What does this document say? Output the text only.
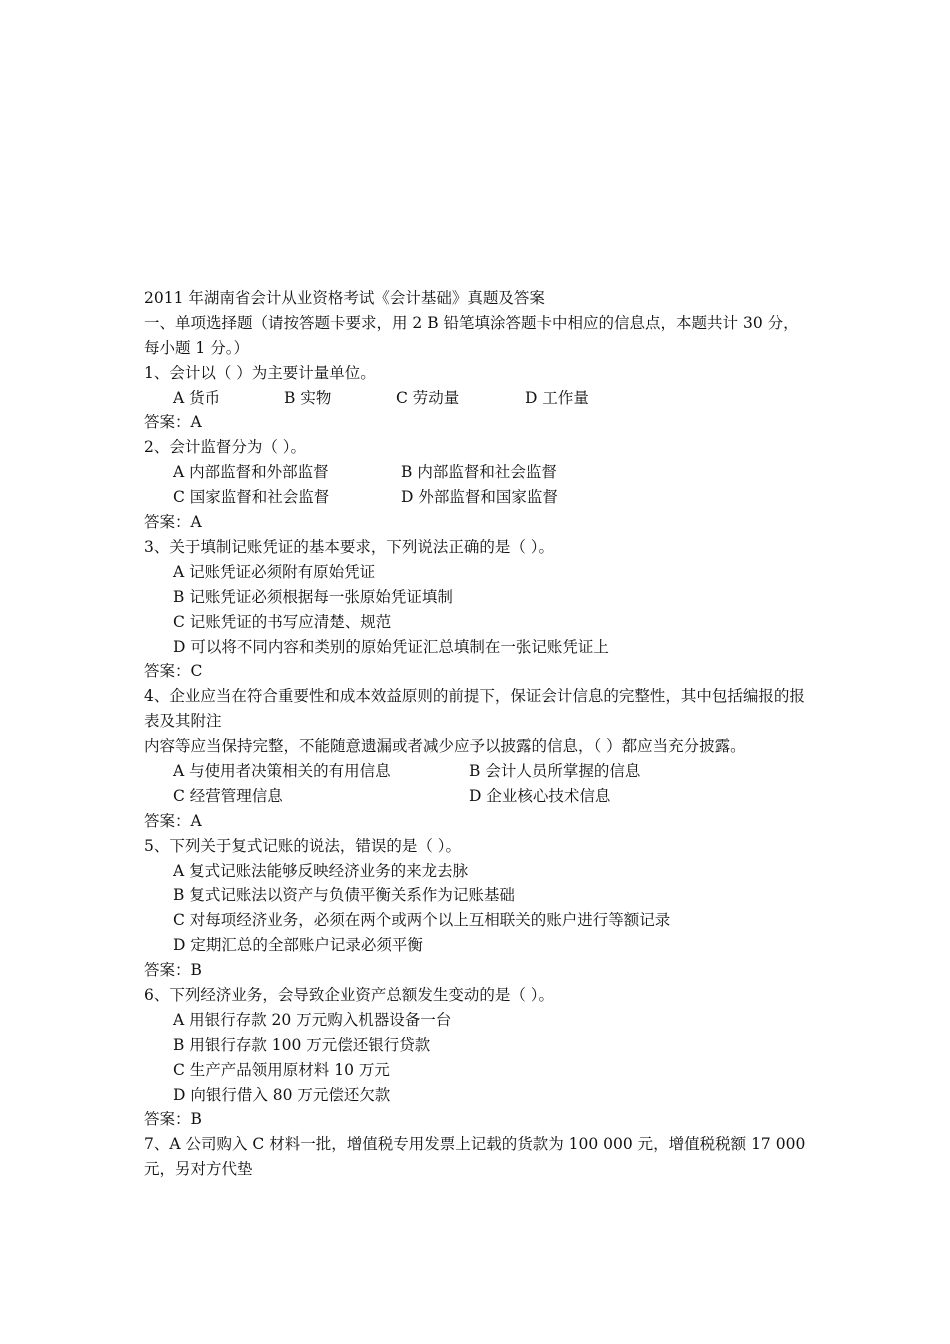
2011 年湖南省会计从业资格考试《会计基础》真题及答案
一、单项选择题（请按答题卡要求，用 2 B 铅笔填涂答题卡中相应的信息点，本题共计 30 分，每小题 1 分。）
1、会计以（ ）为主要计量单位。
A 货币	B 实物	C 劳动量	D 工作量
答案：A
2、会计监督分为（ ）。
A 内部监督和外部监督	B 内部监督和社会监督
C 国家监督和社会监督	D 外部监督和国家监督
答案：A
3、关于填制记账凭证的基本要求，下列说法正确的是（ ）。
A 记账凭证必须附有原始凭证
B 记账凭证必须根据每一张原始凭证填制
C 记账凭证的书写应清楚、规范
D 可以将不同内容和类别的原始凭证汇总填制在一张记账凭证上
答案：C
4、企业应当在符合重要性和成本效益原则的前提下，保证会计信息的完整性，其中包括编报的报表及其附注
内容等应当保持完整，不能随意遗漏或者减少应予以披露的信息，（ ）都应当充分披露。
A 与使用者决策相关的有用信息	B 会计人员所掌握的信息
C 经营管理信息	D 企业核心技术信息
答案：A
5、下列关于复式记账的说法，错误的是（ ）。
A 复式记账法能够反映经济业务的来龙去脉
B 复式记账法以资产与负债平衡关系作为记账基础
C 对每项经济业务，必须在两个或两个以上互相联关的账户进行等额记录
D 定期汇总的全部账户记录必须平衡
答案：B
6、下列经济业务，会导致企业资产总额发生变动的是（ ）。
A 用银行存款 20 万元购入机器设备一台
B 用银行存款 100 万元偿还银行贷款
C 生产产品领用原材料 10 万元
D 向银行借入 80 万元偿还欠款
答案：B
7、A 公司购入 C 材料一批，增值税专用发票上记载的货款为 100 000 元，增值税税额 17 000 元，另对方代垫
